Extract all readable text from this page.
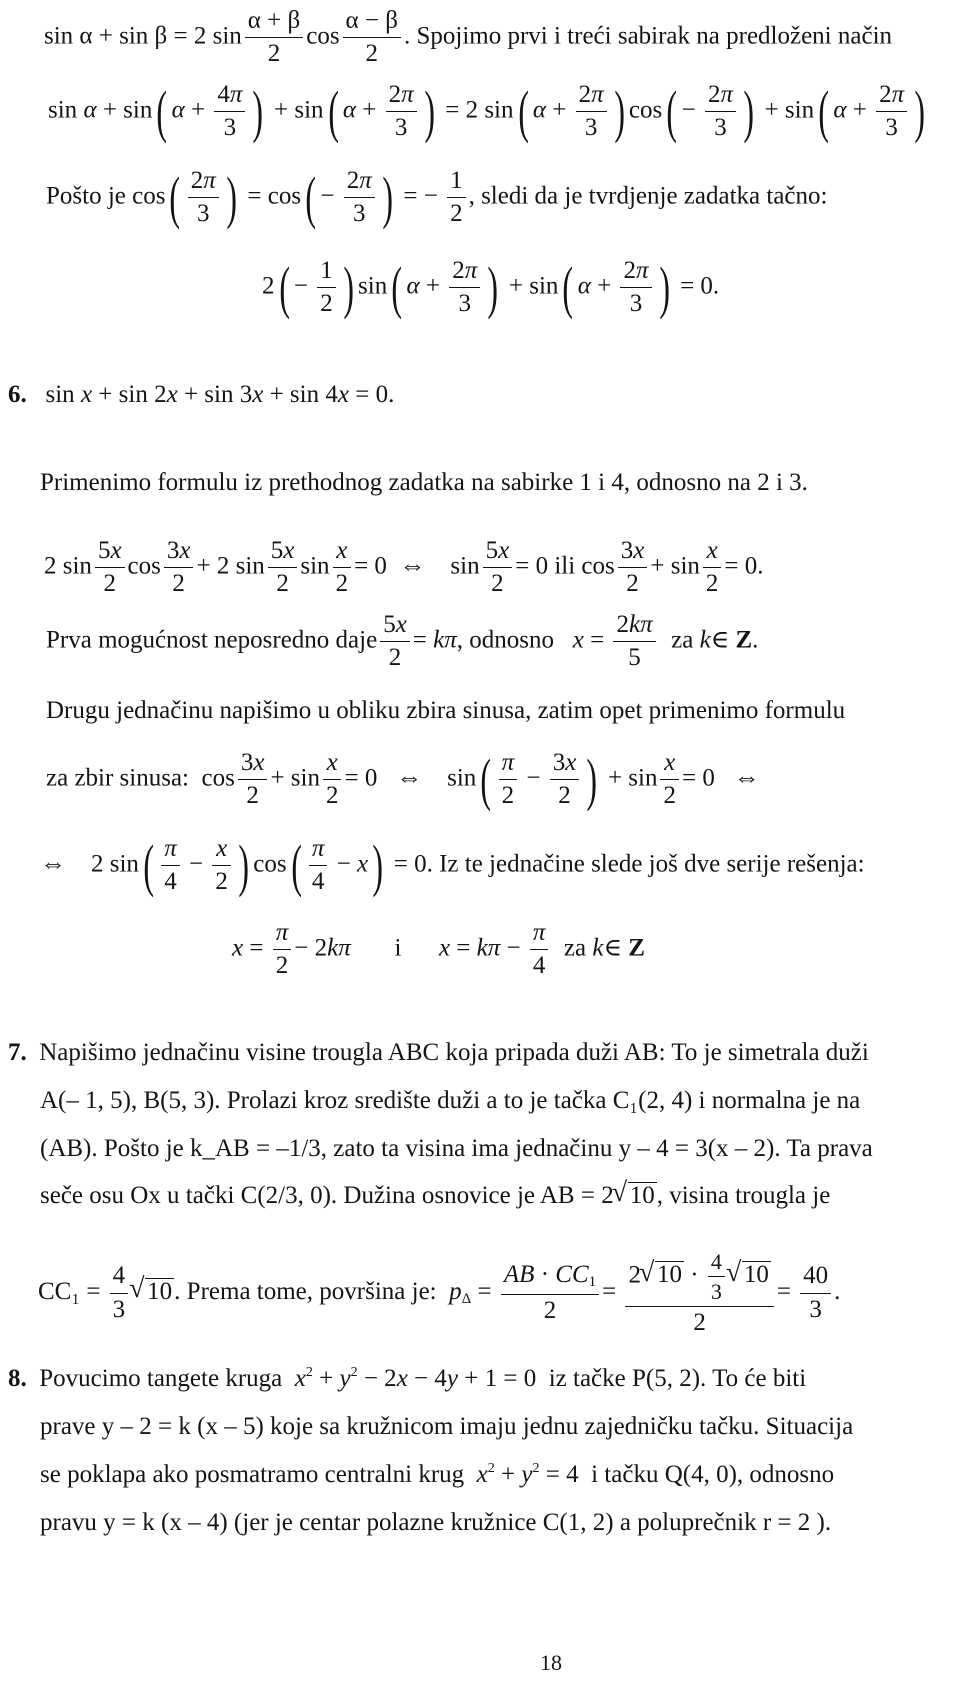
sin α + sin β = 2 $\sin \frac{\alpha + \beta}{2}$ $\cos \frac{\alpha - \beta}{2}$ . Spojimo prvi i treći sabirak na predloženi način
sin α + sin( $\alpha + \frac{4\pi}{3}$ ) + sin( $\alpha + \frac{2\pi}{3}$ ) = 2 sin( $\alpha + \frac{2\pi}{3}$ ) $\cos( - \frac{2\pi}{3}$ ) + sin( $\alpha + \frac{2\pi}{3}$ )
Pošto je $\cos( \frac{2\pi}{3}$ ) = $\cos( - \frac{2\pi}{3}$ ) = − $\frac{1}{2}$ , sledi da je tvrdjenje zadatka tačno:
$2( - \frac{1}{2}$ ) sin( $\alpha + \frac{2\pi}{3}$ ) + sin( $\alpha + \frac{2\pi}{3}$ ) = 0.
6.   sin x + sin 2x + sin 3x + sin 4x = 0.
Primenimo formulu iz prethodnog zadatka na sabirke 1 i 4, odnosno na 2 i 3.
2 $\sin \frac{5x}{2}$ $\cos \frac{3x}{2} + 2$ $\sin \frac{5x}{2}$ $\sin \frac{x}{2} = 0$  ⇔    $\sin \frac{5x}{2} = 0$ ili $\cos \frac{3x}{2} + \sin \frac{x}{2} = 0$.
Prva mogućnost neposredno daje $\frac{5x}{2} = k\pi$, odnosno $x = \frac{2k\pi}{5}$ za k∈ Z.
Drugu jednačinu napišimo u obliku zbira sinusa, zatim opet primenimo formulu
za zbir sinusa:  $\cos \frac{3x}{2} + \sin \frac{x}{2} = 0$   ⇔    $\sin( \frac{\pi}{2} - \frac{3x}{2}$ ) + $\sin \frac{x}{2} = 0$   ⇔
⇔    2 $\sin( \frac{\pi}{4} - \frac{x}{2}$ ) $\cos( \frac{\pi}{4} - x) = 0$. Iz te jednačine slede još dve serije rešenja:
$x = \frac{\pi}{2} - 2k\pi$ i $x = k\pi - \frac{\pi}{4}$ za k∈ Z
7. Napišimo jednačinu visine trougla ABC koja pripada duži AB: To je simetrala duži
A(– 1, 5), B(5, 3). Prolazi kroz središte duži a to je tačka C₁(2, 4) i normalna je na
(AB). Pošto je k_AB = –1/3, zato ta visina ima jednačinu y – 4 = 3(x – 2). Ta prava
seče osu Ox u tački C(2/3, 0). Dužina osnovice je AB = 2√ 10, visina trougla je
$CC_1 = \frac{4}{3}$
√ 10. Prema tome, površina je: $p_\Delta = \frac{AB \cdot CC_1}{2} = 2√$ $10 \cdot \frac{4}{3}$
√ 10
$2 = \frac{40}{3}$ .
8. Povucimo tangete kruga $x^2 + y^2 - 2x - 4y + 1 = 0$  iz tačke P(5, 2). To će biti
prave y – 2 = k (x – 5) koje sa kružnicom imaju jednu zajedničku tačku. Situacija
se poklapa ako posmatramo centralni krug $x^2 + y^2 = 4$  i tačku Q(4, 0), odnosno
pravu y = k (x – 4) (jer je centar polazne kružnice C(1, 2) a poluprečnik r = 2 ).
18
